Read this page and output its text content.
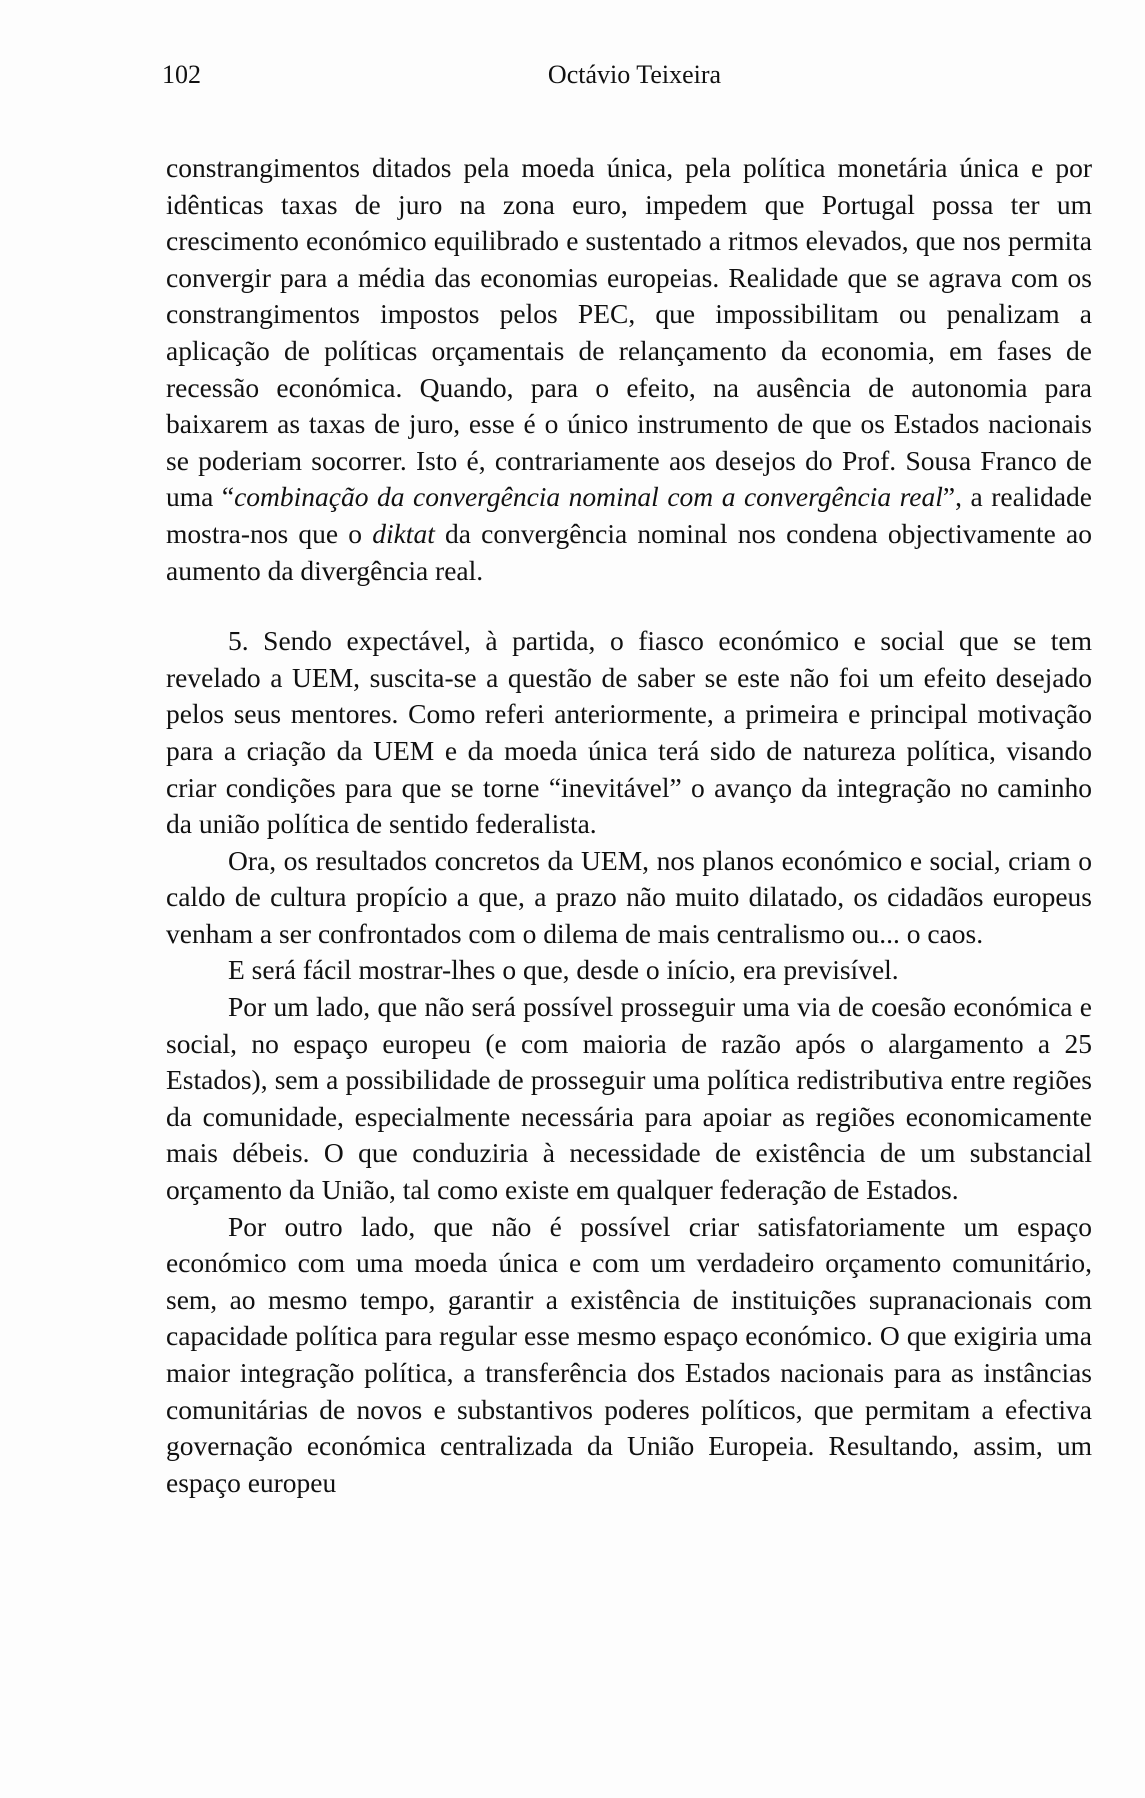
102	Octávio Teixeira

constrangimentos ditados pela moeda única, pela política monetária única e por idênticas taxas de juro na zona euro, impedem que Portugal possa ter um crescimento económico equilibrado e sustentado a ritmos elevados, que nos permita convergir para a média das economias europeias. Realidade que se agrava com os constrangimentos impostos pelos PEC, que impossibilitam ou penalizam a aplicação de políticas orçamentais de relançamento da economia, em fases de recessão económica. Quando, para o efeito, na ausência de autonomia para baixarem as taxas de juro, esse é o único instrumento de que os Estados nacionais se poderiam socorrer. Isto é, contrariamente aos desejos do Prof. Sousa Franco de uma “combinação da convergência nominal com a convergência real”, a realidade mostra-nos que o diktat da convergência nominal nos condena objectivamente ao aumento da divergência real.

5. Sendo expectável, à partida, o fiasco económico e social que se tem revelado a UEM, suscita-se a questão de saber se este não foi um efeito desejado pelos seus mentores. Como referi anteriormente, a primeira e principal motivação para a criação da UEM e da moeda única terá sido de natureza política, visando criar condições para que se torne “inevitável” o avanço da integração no caminho da união política de sentido federalista.

Ora, os resultados concretos da UEM, nos planos económico e social, criam o caldo de cultura propício a que, a prazo não muito dilatado, os cidadãos europeus venham a ser confrontados com o dilema de mais centralismo ou... o caos.

E será fácil mostrar-lhes o que, desde o início, era previsível.

Por um lado, que não será possível prosseguir uma via de coesão económica e social, no espaço europeu (e com maioria de razão após o alargamento a 25 Estados), sem a possibilidade de prosseguir uma política redistributiva entre regiões da comunidade, especialmente necessária para apoiar as regiões economicamente mais débeis. O que conduziria à necessidade de existência de um substancial orçamento da União, tal como existe em qualquer federação de Estados.

Por outro lado, que não é possível criar satisfatoriamente um espaço económico com uma moeda única e com um verdadeiro orçamento comunitário, sem, ao mesmo tempo, garantir a existência de instituições supranacionais com capacidade política para regular esse mesmo espaço económico. O que exigiria uma maior integração política, a transferência dos Estados nacionais para as instâncias comunitárias de novos e substantivos poderes políticos, que permitam a efectiva governação económica centralizada da União Europeia. Resultando, assim, um espaço europeu
